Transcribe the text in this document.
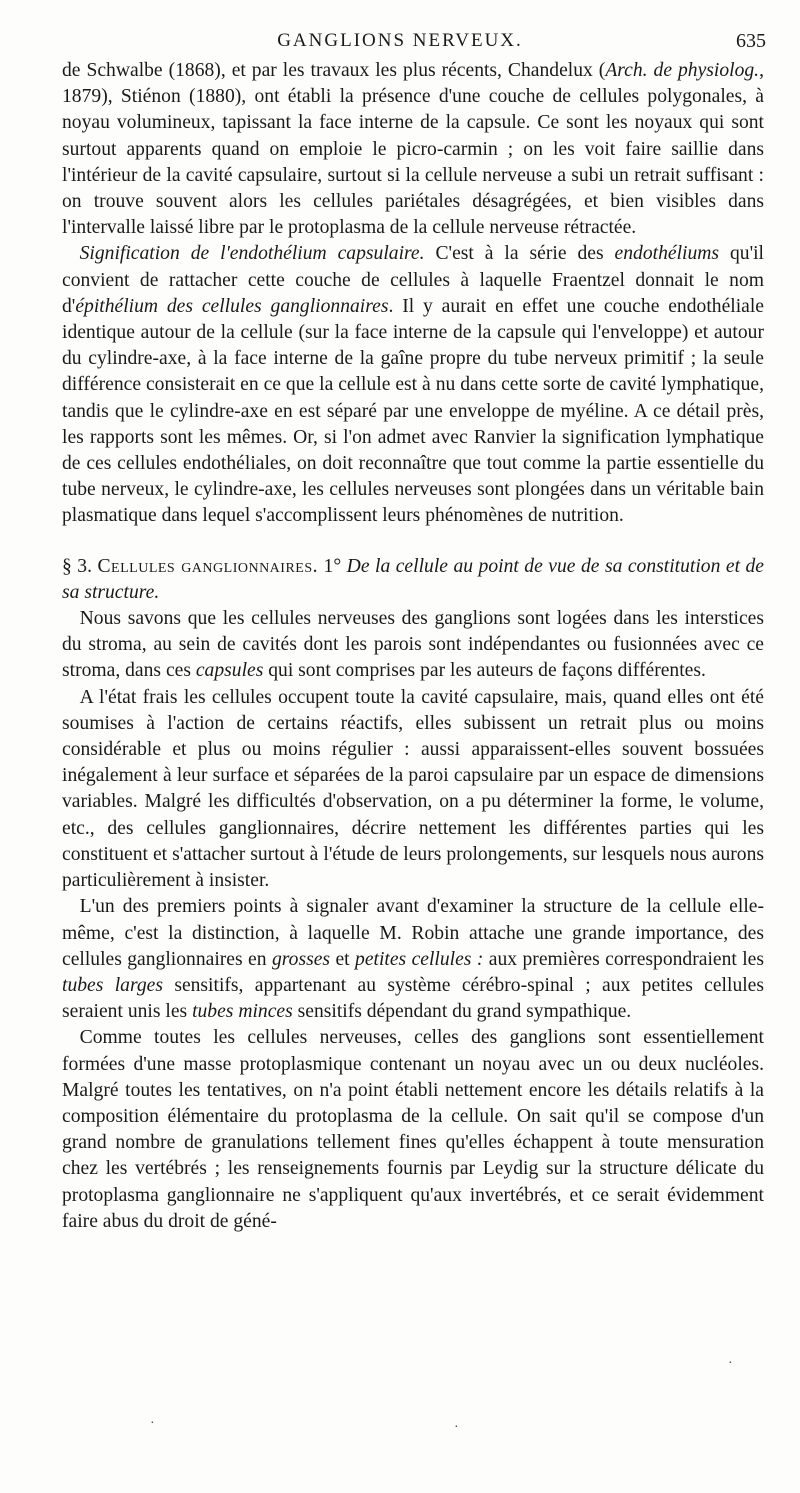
GANGLIONS NERVEUX.	635

de Schwalbe (1868), et par les travaux les plus récents, Chandelux (Arch. de physiolog., 1879), Stiénon (1880), ont établi la présence d'une couche de cellules polygonales, à noyau volumineux, tapissant la face interne de la capsule. Ce sont les noyaux qui sont surtout apparents quand on emploie le picro-carmin ; on les voit faire saillie dans l'intérieur de la cavité capsulaire, surtout si la cellule nerveuse a subi un retrait suffisant : on trouve souvent alors les cellules pariétales désagrégées, et bien visibles dans l'intervalle laissé libre par le protoplasma de la cellule nerveuse rétractée.

Signification de l'endothélium capsulaire. C'est à la série des endothéliums qu'il convient de rattacher cette couche de cellules à laquelle Fraentzel donnait le nom d'épithélium des cellules ganglionnaires. Il y aurait en effet une couche endothéliale identique autour de la cellule (sur la face interne de la capsule qui l'enveloppe) et autour du cylindre-axe, à la face interne de la gaîne propre du tube nerveux primitif ; la seule différence consisterait en ce que la cellule est à nu dans cette sorte de cavité lymphatique, tandis que le cylindre-axe en est séparé par une enveloppe de myéline. A ce détail près, les rapports sont les mêmes. Or, si l'on admet avec Ranvier la signification lymphatique de ces cellules endothéliales, on doit reconnaître que tout comme la partie essentielle du tube nerveux, le cylindre-axe, les cellules nerveuses sont plongées dans un véritable bain plasmatique dans lequel s'accomplissent leurs phénomènes de nutrition.

§ 3. Cellules ganglionnaires. 1° De la cellule au point de vue de sa constitution et de sa structure.

Nous savons que les cellules nerveuses des ganglions sont logées dans les interstices du stroma, au sein de cavités dont les parois sont indépendantes ou fusionnées avec ce stroma, dans ces capsules qui sont comprises par les auteurs de façons différentes.

A l'état frais les cellules occupent toute la cavité capsulaire, mais, quand elles ont été soumises à l'action de certains réactifs, elles subissent un retrait plus ou moins considérable et plus ou moins régulier : aussi apparaissent-elles souvent bossuées inégalement à leur surface et séparées de la paroi capsulaire par un espace de dimensions variables. Malgré les difficultés d'observation, on a pu déterminer la forme, le volume, etc., des cellules ganglionnaires, décrire nettement les différentes parties qui les constituent et s'attacher surtout à l'étude de leurs prolongements, sur lesquels nous aurons particulièrement à insister.

L'un des premiers points à signaler avant d'examiner la structure de la cellule elle-même, c'est la distinction, à laquelle M. Robin attache une grande importance, des cellules ganglionnaires en grosses et petites cellules : aux premières correspondraient les tubes larges sensitifs, appartenant au système cérébro-spinal ; aux petites cellules seraient unis les tubes minces sensitifs dépendant du grand sympathique.

Comme toutes les cellules nerveuses, celles des ganglions sont essentiellement formées d'une masse protoplasmique contenant un noyau avec un ou deux nucléoles. Malgré toutes les tentatives, on n'a point établi nettement encore les détails relatifs à la composition élémentaire du protoplasma de la cellule. On sait qu'il se compose d'un grand nombre de granulations tellement fines qu'elles échappent à toute mensuration chez les vertébrés ; les renseignements fournis par Leydig sur la structure délicate du protoplasma ganglionnaire ne s'appliquent qu'aux invertébrés, et ce serait évidemment faire abus du droit de géné-

·
·	·
